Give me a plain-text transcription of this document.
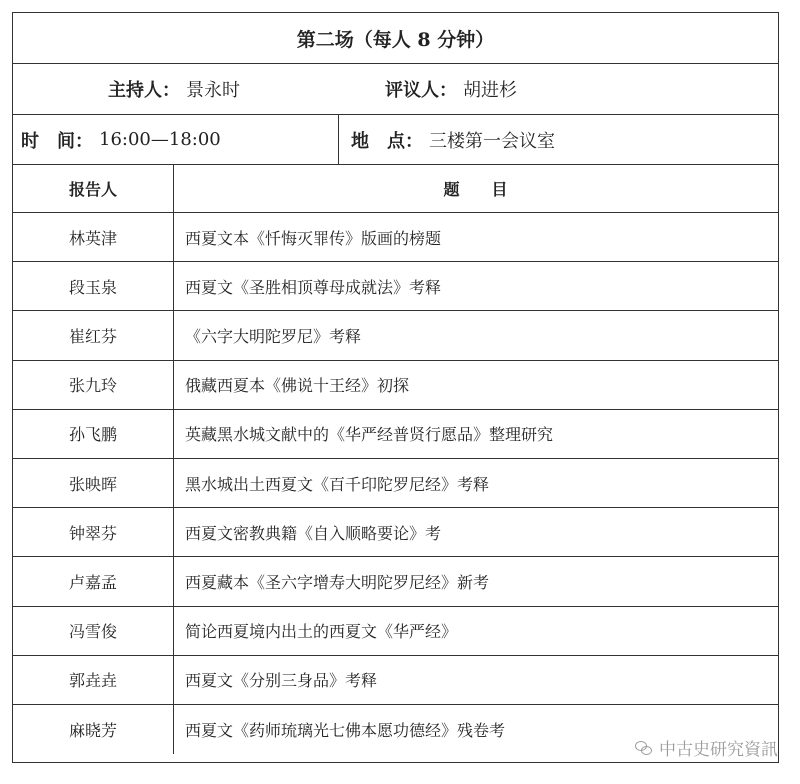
第二场 （每人 8 分钟）
主持人： 景永时	评议人： 胡进杉
时　间： 16:00—18:00	地　点： 三楼第一会议室
报告人	题　　目
林英津	西夏文本《忏悔灭罪传》版画的榜题
段玉泉	西夏文《圣胜相顶尊母成就法》考释
崔红芬	《六字大明陀罗尼》考释
张九玲	俄藏西夏本《佛说十王经》初探
孙飞鹏	英藏黑水城文献中的《华严经普贤行愿品》整理研究
张映晖	黑水城出土西夏文《百千印陀罗尼经》考释
钟翠芬	西夏文密教典籍《自入顺略要论》考
卢嘉孟	西夏藏本《圣六字增寿大明陀罗尼经》新考
冯雪俊	简论西夏境内出土的西夏文《华严经》
郭垚垚	西夏文《分别三身品》考释
麻晓芳	西夏文《药师琉璃光七佛本愿功德经》残卷考
中古史研究資訊
